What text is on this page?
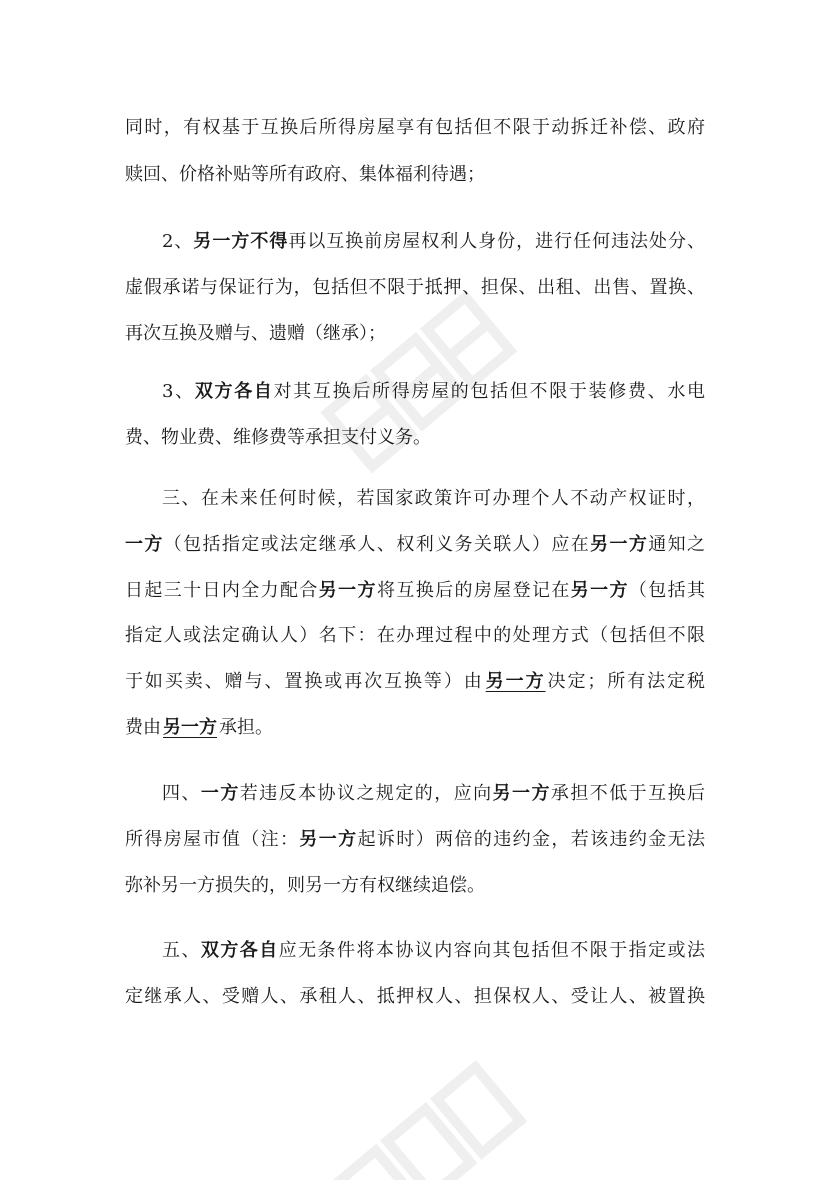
同时，有权基于互换后所得房屋享有包括但不限于动拆迁补偿、政府
赎回、价格补贴等所有政府、集体福利待遇；
2、另一方不得再以互换前房屋权利人身份，进行任何违法处分、
虚假承诺与保证行为，包括但不限于抵押、担保、出租、出售、置换、
再次互换及赠与、遗赠（继承）；
3、双方各自对其互换后所得房屋的包括但不限于装修费、水电
费、物业费、维修费等承担支付义务。
三、在未来任何时候，若国家政策许可办理个人不动产权证时，
一方（包括指定或法定继承人、权利义务关联人）应在另一方通知之
日起三十日内全力配合另一方将互换后的房屋登记在另一方（包括其
指定人或法定确认人）名下：在办理过程中的处理方式（包括但不限
于如买卖、赠与、置换或再次互换等）由 另一方 决定；所有法定税
费由 另一方 承担。
四、一方若违反本协议之规定的，应向另一方承担不低于互换后
所得房屋市值（注：另一方起诉时）两倍的违约金，若该违约金无法
弥补另一方损失的，则另一方有权继续追偿。
五、双方各自应无条件将本协议内容向其包括但不限于指定或法
定继承人、受赠人、承租人、抵押权人、担保权人、受让人、被置换
